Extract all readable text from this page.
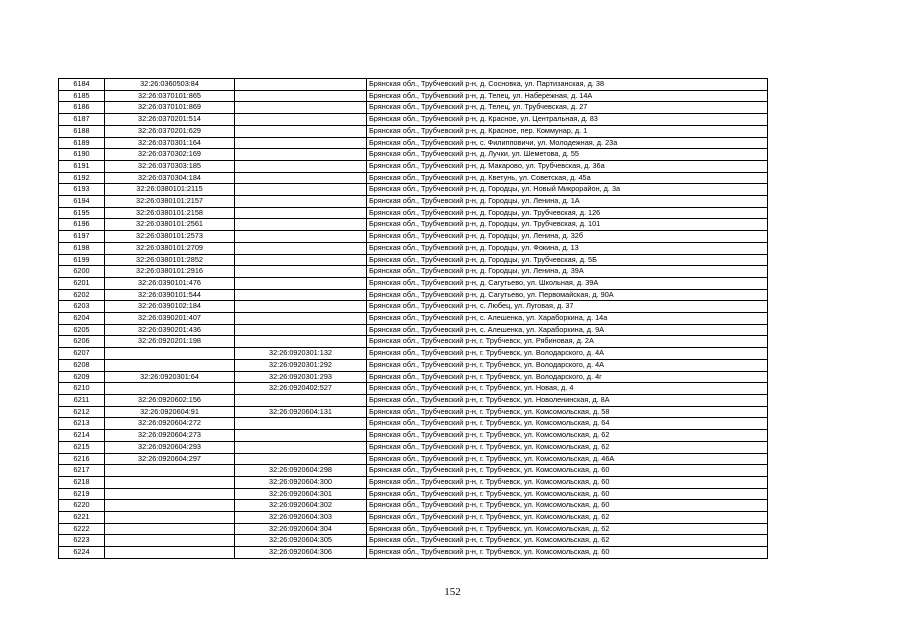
6184	32:26:0360503:84		Брянская обл., Трубчевский р-н, д. Сосновка, ул. Партизанская, д. 38
6185	32:26:0370101:865		Брянская обл., Трубчевский р-н, д. Телец, ул. Набережная, д. 14А
6186	32:26:0370101:869		Брянская обл., Трубчевский р-н, д. Телец, ул. Трубчевская, д. 27
6187	32:26:0370201:514		Брянская обл., Трубчевский р-н, д. Красное, ул. Центральная, д. 83
6188	32:26:0370201:629		Брянская обл., Трубчевский р-н, д. Красное, пер. Коммунар, д. 1
6189	32:26:0370301:164		Брянская обл., Трубчевский р-н, с. Филипповичи, ул. Молодежная, д. 23а
6190	32:26:0370302:169		Брянская обл., Трубчевский р-н, д. Лучки, ул. Шеметова, д. 55
6191	32:26:0370303:185		Брянская обл., Трубчевский р-н, д. Макарово, ул. Трубчевская, д. 36а
6192	32:26:0370304:184		Брянская обл., Трубчевский р-н, д. Кветунь, ул. Советская, д. 45а
6193	32:26:0380101:2115		Брянская обл., Трубчевский р-н, д. Городцы, ул. Новый Микрорайон, д. 3а
6194	32:26:0380101:2157		Брянская обл., Трубчевский р-н, д. Городцы, ул. Ленина, д. 1А
6195	32:26:0380101:2158		Брянская обл., Трубчевский р-н, д. Городцы, ул. Трубчевская, д. 126
6196	32:26:0380101:2561		Брянская обл., Трубчевский р-н, д. Городцы, ул. Трубчевская, д. 101
6197	32:26:0380101:2573		Брянская обл., Трубчевский р-н, д. Городцы, ул. Ленина, д. 32б
6198	32:26:0380101:2709		Брянская обл., Трубчевский р-н, д. Городцы, ул. Фокина, д. 13
6199	32:26:0380101:2852		Брянская обл., Трубчевский р-н, д. Городцы, ул. Трубчевская, д. 5Б
6200	32:26:0380101:2916		Брянская обл., Трубчевский р-н, д. Городцы, ул. Ленина, д. 39А
6201	32:26:0390101:476		Брянская обл., Трубчевский р-н, д. Сагутьево, ул. Школьная, д. 39А
6202	32:26:0390101:544		Брянская обл., Трубчевский р-н, д. Сагутьево, ул. Первомайская, д. 90А
6203	32:26:0390102:184		Брянская обл., Трубчевский р-н, с. Любец, ул. Луговая, д. 37
6204	32:26:0390201:407		Брянская обл., Трубчевский р-н, с. Алешенка, ул. Хараборкина, д. 14а
6205	32:26:0390201:436		Брянская обл., Трубчевский р-н, с. Алешенка, ул. Хараборкина, д. 9А
6206	32:26:0920201:198		Брянская обл., Трубчевский р-н, г. Трубчевск, ул. Рябиновая, д. 2А
6207		32:26:0920301:132	Брянская обл., Трубчевский р-н, г. Трубчевск, ул. Володарского, д. 4А
6208		32:26:0920301:292	Брянская обл., Трубчевский р-н, г. Трубчевск, ул. Володарского, д. 4А
6209	32:26:0920301:64	32:26:0920301:293	Брянская обл., Трубчевский р-н, г. Трубчевск, ул. Володарского, д. 4г
6210		32:26:0920402:527	Брянская обл., Трубчевский р-н, г. Трубчевск, ул. Новая, д. 4
6211	32:26:0920602:156		Брянская обл., Трубчевский р-н, г. Трубчевск, ул. Новоленинская, д. 8А
6212	32:26:0920604:91	32:26:0920604:131	Брянская обл., Трубчевский р-н, г. Трубчевск, ул. Комсомольская, д. 58
6213	32:26:0920604:272		Брянская обл., Трубчевский р-н, г. Трубчевск, ул. Комсомольская, д. 64
6214	32:26:0920604:273		Брянская обл., Трубчевский р-н, г. Трубчевск, ул. Комсомольская, д. 62
6215	32:26:0920604:293		Брянская обл., Трубчевский р-н, г. Трубчевск, ул. Комсомольская, д. 62
6216	32:26:0920604:297		Брянская обл., Трубчевский р-н, г. Трубчевск, ул. Комсомольская, д. 46А
6217		32:26:0920604:298	Брянская обл., Трубчевский р-н, г. Трубчевск, ул. Комсомольская, д. 60
6218		32:26:0920604:300	Брянская обл., Трубчевский р-н, г. Трубчевск, ул. Комсомольская, д. 60
6219		32:26:0920604:301	Брянская обл., Трубчевский р-н, г. Трубчевск, ул. Комсомольская, д. 60
6220		32:26:0920604:302	Брянская обл., Трубчевский р-н, г. Трубчевск, ул. Комсомольская, д. 60
6221		32:26:0920604:303	Брянская обл., Трубчевский р-н, г. Трубчевск, ул. Комсомольская, д. 62
6222		32:26:0920604:304	Брянская обл., Трубчевский р-н, г. Трубчевск, ул. Комсомольская, д. 62
6223		32:26:0920604:305	Брянская обл., Трубчевский р-н, г. Трубчевск, ул. Комсомольская, д. 62
6224		32:26:0920604:306	Брянская обл., Трубчевский р-н, г. Трубчевск, ул. Комсомольская, д. 60
152
